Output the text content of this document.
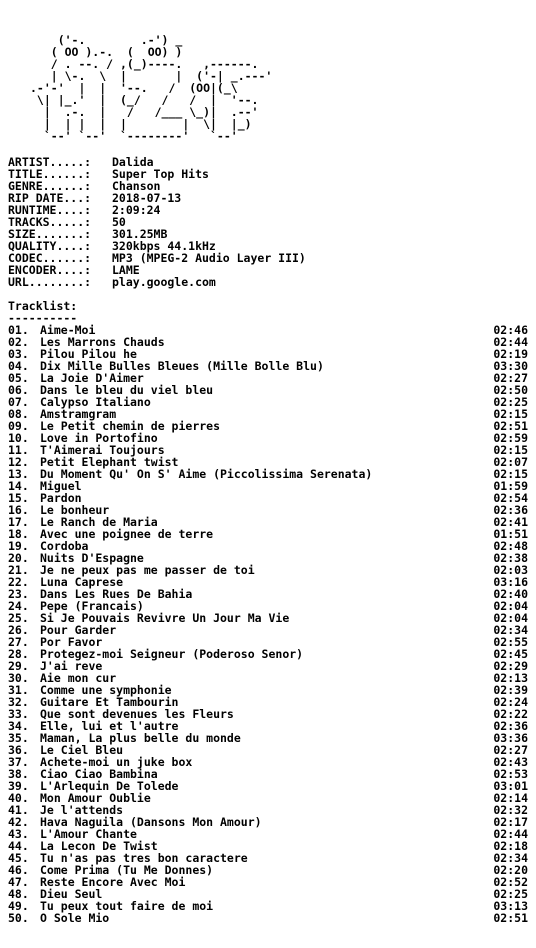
('-.        .-') _
( OO ).-.  (  OO) )
/ . --. / ,(_)----.   ,------.
| \-.  \  |       |  ('-| _.---'
.-'-'  |  |  '--.   /  (OO|(_\
\| |_.'  |  (_/   /   /  |  '--.
|  .-.  |   /   /___ \_)|  .--'
|  | |  |  |        |  \|  |_)
`--' `--'  `--------'   `--'
ARTIST.....: Dalida
TITLE......: Super Top Hits
GENRE......: Chanson
RIP DATE...: 2018-07-13
RUNTIME....: 2:09:24
TRACKS.....: 50
SIZE.......: 301.25MB
QUALITY....: 320kbps 44.1kHz
CODEC......: MP3 (MPEG-2 Audio Layer III)
ENCODER....: LAME
URL........: play.google.com
Tracklist:
----------
01. Aime-Moi	02:46
02. Les Marrons Chauds	02:44
03. Pilou Pilou he	02:19
04. Dix Mille Bulles Bleues (Mille Bolle Blu)	03:30
05. La Joie D'Aimer	02:27
06. Dans le bleu du viel bleu	02:50
07. Calypso Italiano	02:25
08. Amstramgram	02:15
09. Le Petit chemin de pierres	02:51
10. Love in Portofino	02:59
11. T'Aimerai Toujours	02:15
12. Petit Elephant twist	02:07
13. Du Moment Qu' On S' Aime (Piccolissima Serenata)	02:15
14. Miguel	01:59
15. Pardon	02:54
16. Le bonheur	02:36
17. Le Ranch de Maria	02:41
18. Avec une poignee de terre	01:51
19. Cordoba	02:48
20. Nuits D'Espagne	02:38
21. Je ne peux pas me passer de toi	02:03
22. Luna Caprese	03:16
23. Dans Les Rues De Bahia	02:40
24. Pepe (Francais)	02:04
25. Si Je Pouvais Revivre Un Jour Ma Vie	02:04
26. Pour Garder	02:34
27. Por Favor	02:55
28. Protegez-moi Seigneur (Poderoso Senor)	02:45
29. J'ai reve	02:29
30. Aie mon cur	02:13
31. Comme une symphonie	02:39
32. Guitare Et Tambourin	02:24
33. Que sont devenues les Fleurs	02:22
34. Elle, lui et l'autre	02:36
35. Maman, La plus belle du monde	03:36
36. Le Ciel Bleu	02:27
37. Achete-moi un juke box	02:43
38. Ciao Ciao Bambina	02:53
39. L'Arlequin De Tolede	03:01
40. Mon Amour Oublie	02:14
41. Je l'attends	02:32
42. Hava Naguila (Dansons Mon Amour)	02:17
43. L'Amour Chante	02:44
44. La Lecon De Twist	02:18
45. Tu n'as pas tres bon caractere	02:34
46. Come Prima (Tu Me Donnes)	02:20
47. Reste Encore Avec Moi	02:52
48. Dieu Seul	02:25
49. Tu peux tout faire de moi	03:13
50. O Sole Mio	02:51
